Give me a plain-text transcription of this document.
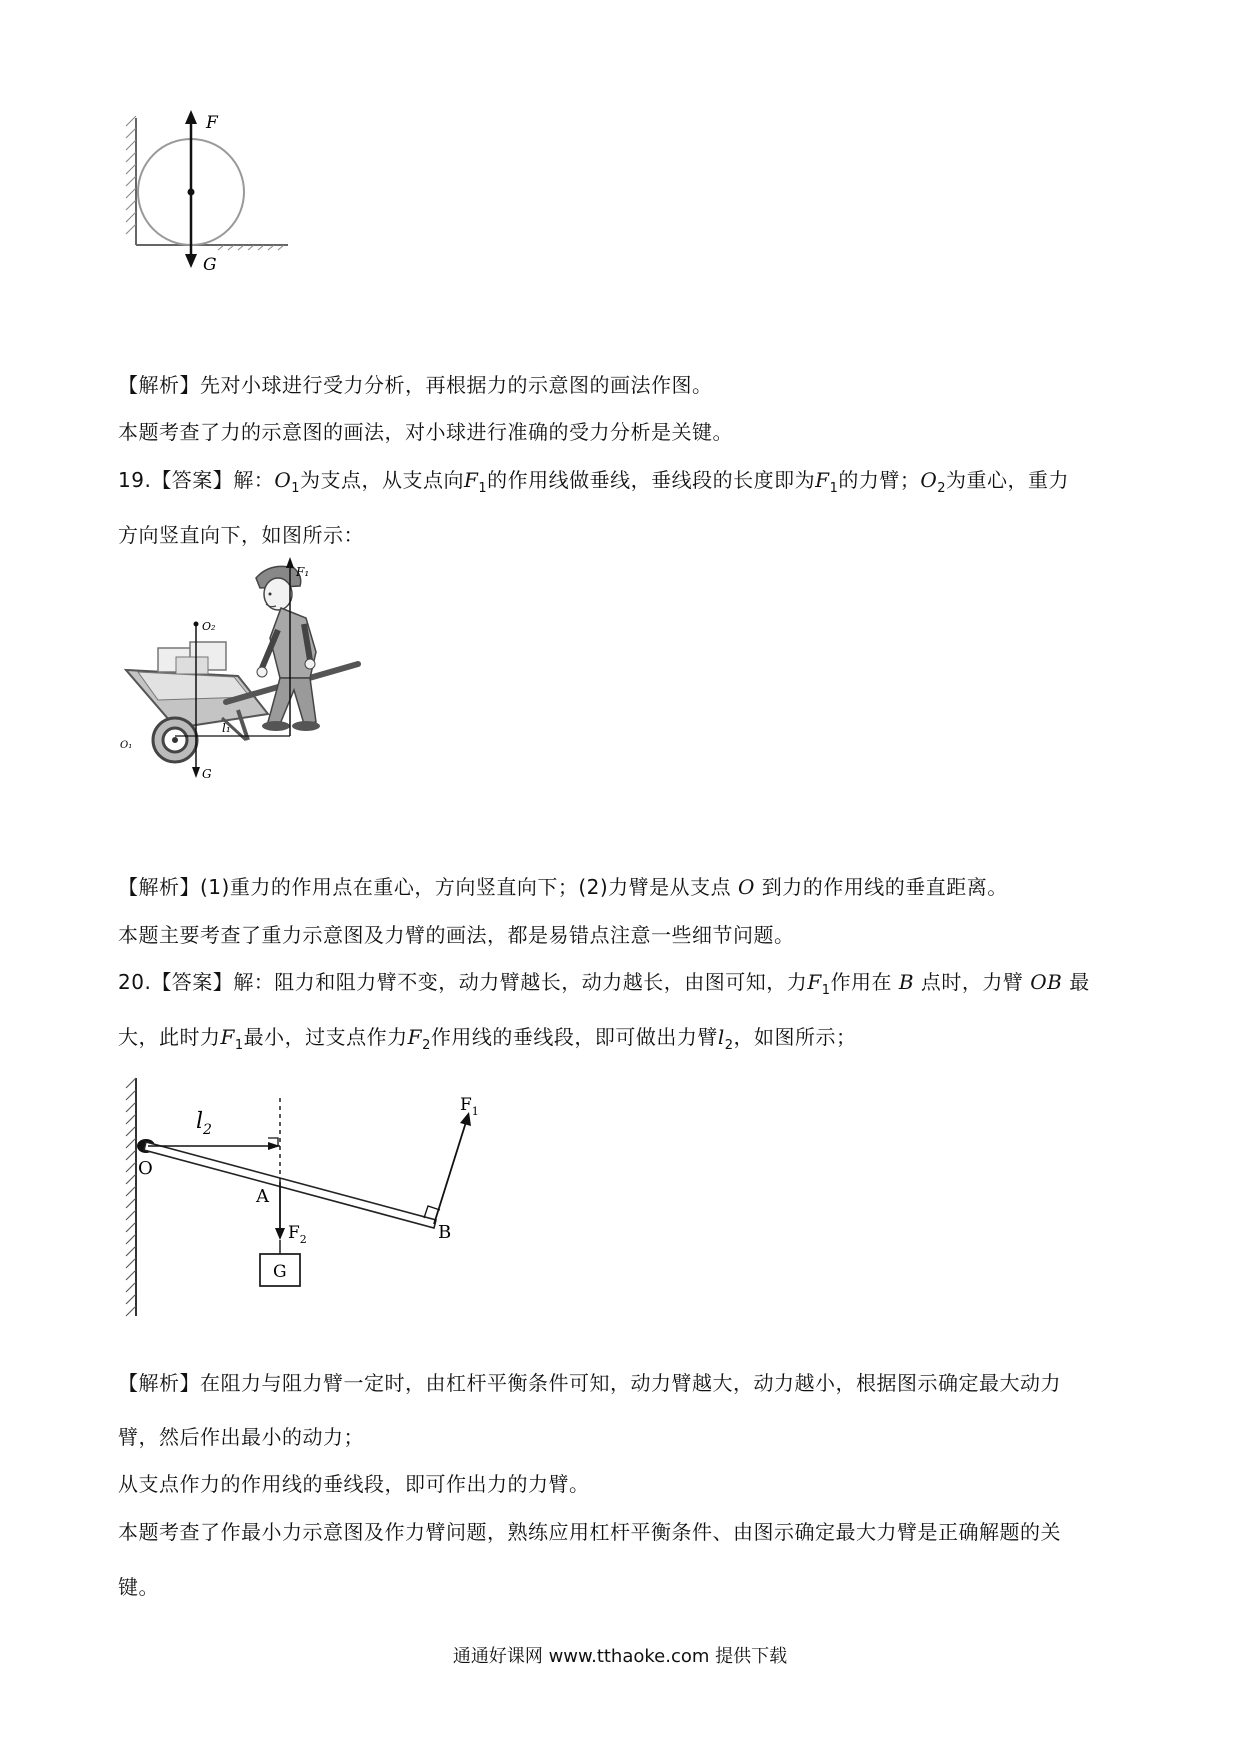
F
G
【解析】先对小球进行受力分析，再根据力的示意图的画法作图。
本题考查了力的示意图的画法，对小球进行准确的受力分析是关键。
19.【答案】解：$O_1$为支点，从支点向$F_1$的作用线做垂线，垂线段的长度即为$F_1$的力臂；$O_2$为重心，重力
方向竖直向下，如图所示：
F₁
O₂
G
l₁
O₁
【解析】(1)重力的作用点在重心，方向竖直向下；(2)力臂是从支点 O 到力的作用线的垂直距离。
本题主要考查了重力示意图及力臂的画法，都是易错点注意一些细节问题。
20.【答案】解：阻力和阻力臂不变，动力臂越长，动力越长，由图可知，力$F_1$作用在 B 点时，力臂 OB 最
大，此时力$F_1$最小，过支点作力$F_2$作用线的垂线段，即可做出力臂$l_2$，如图所示；
O
$l_2$
A
$F_2$
G
$F_1$
B
【解析】在阻力与阻力臂一定时，由杠杆平衡条件可知，动力臂越大，动力越小，根据图示确定最大动力
臂，然后作出最小的动力；
从支点作力的作用线的垂线段，即可作出力的力臂。
本题考查了作最小力示意图及作力臂问题，熟练应用杠杆平衡条件、由图示确定最大力臂是正确解题的关
键。
通通好课网 www.tthaoke.com 提供下载
